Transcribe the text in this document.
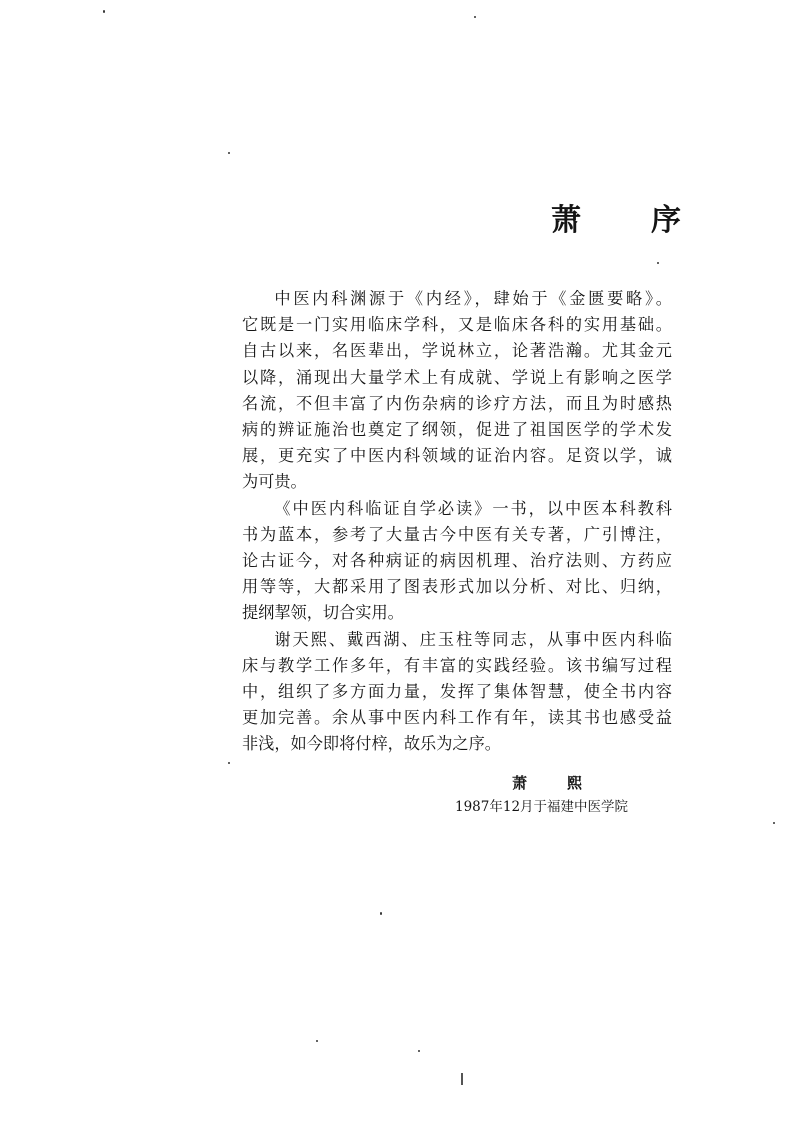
萧 序
中医内科渊源于《内经》，肆始于《金匮要略》。
它既是一门实用临床学科，又是临床各科的实用基础。
自古以来，名医辈出，学说林立，论著浩瀚。尤其金元
以降，涌现出大量学术上有成就、学说上有影响之医学
名流，不但丰富了内伤杂病的诊疗方法，而且为时感热
病的辨证施治也奠定了纲领，促进了祖国医学的学术发
展，更充实了中医内科领域的证治内容。足资以学，诚
为可贵。
《中医内科临证自学必读》一书，以中医本科教科
书为蓝本，参考了大量古今中医有关专著，广引博注，
论古证今，对各种病证的病因机理、治疗法则、方药应
用等等，大都采用了图表形式加以分析、对比、归纳，
提纲挈领，切合实用。
谢天熙、戴西湖、庄玉柱等同志，从事中医内科临
床与教学工作多年，有丰富的实践经验。该书编写过程
中，组织了多方面力量，发挥了集体智慧，使全书内容
更加完善。余从事中医内科工作有年，读其书也感受益
非浅，如今即将付梓，故乐为之序。
萧	熙
1987年12月于福建中医学院
